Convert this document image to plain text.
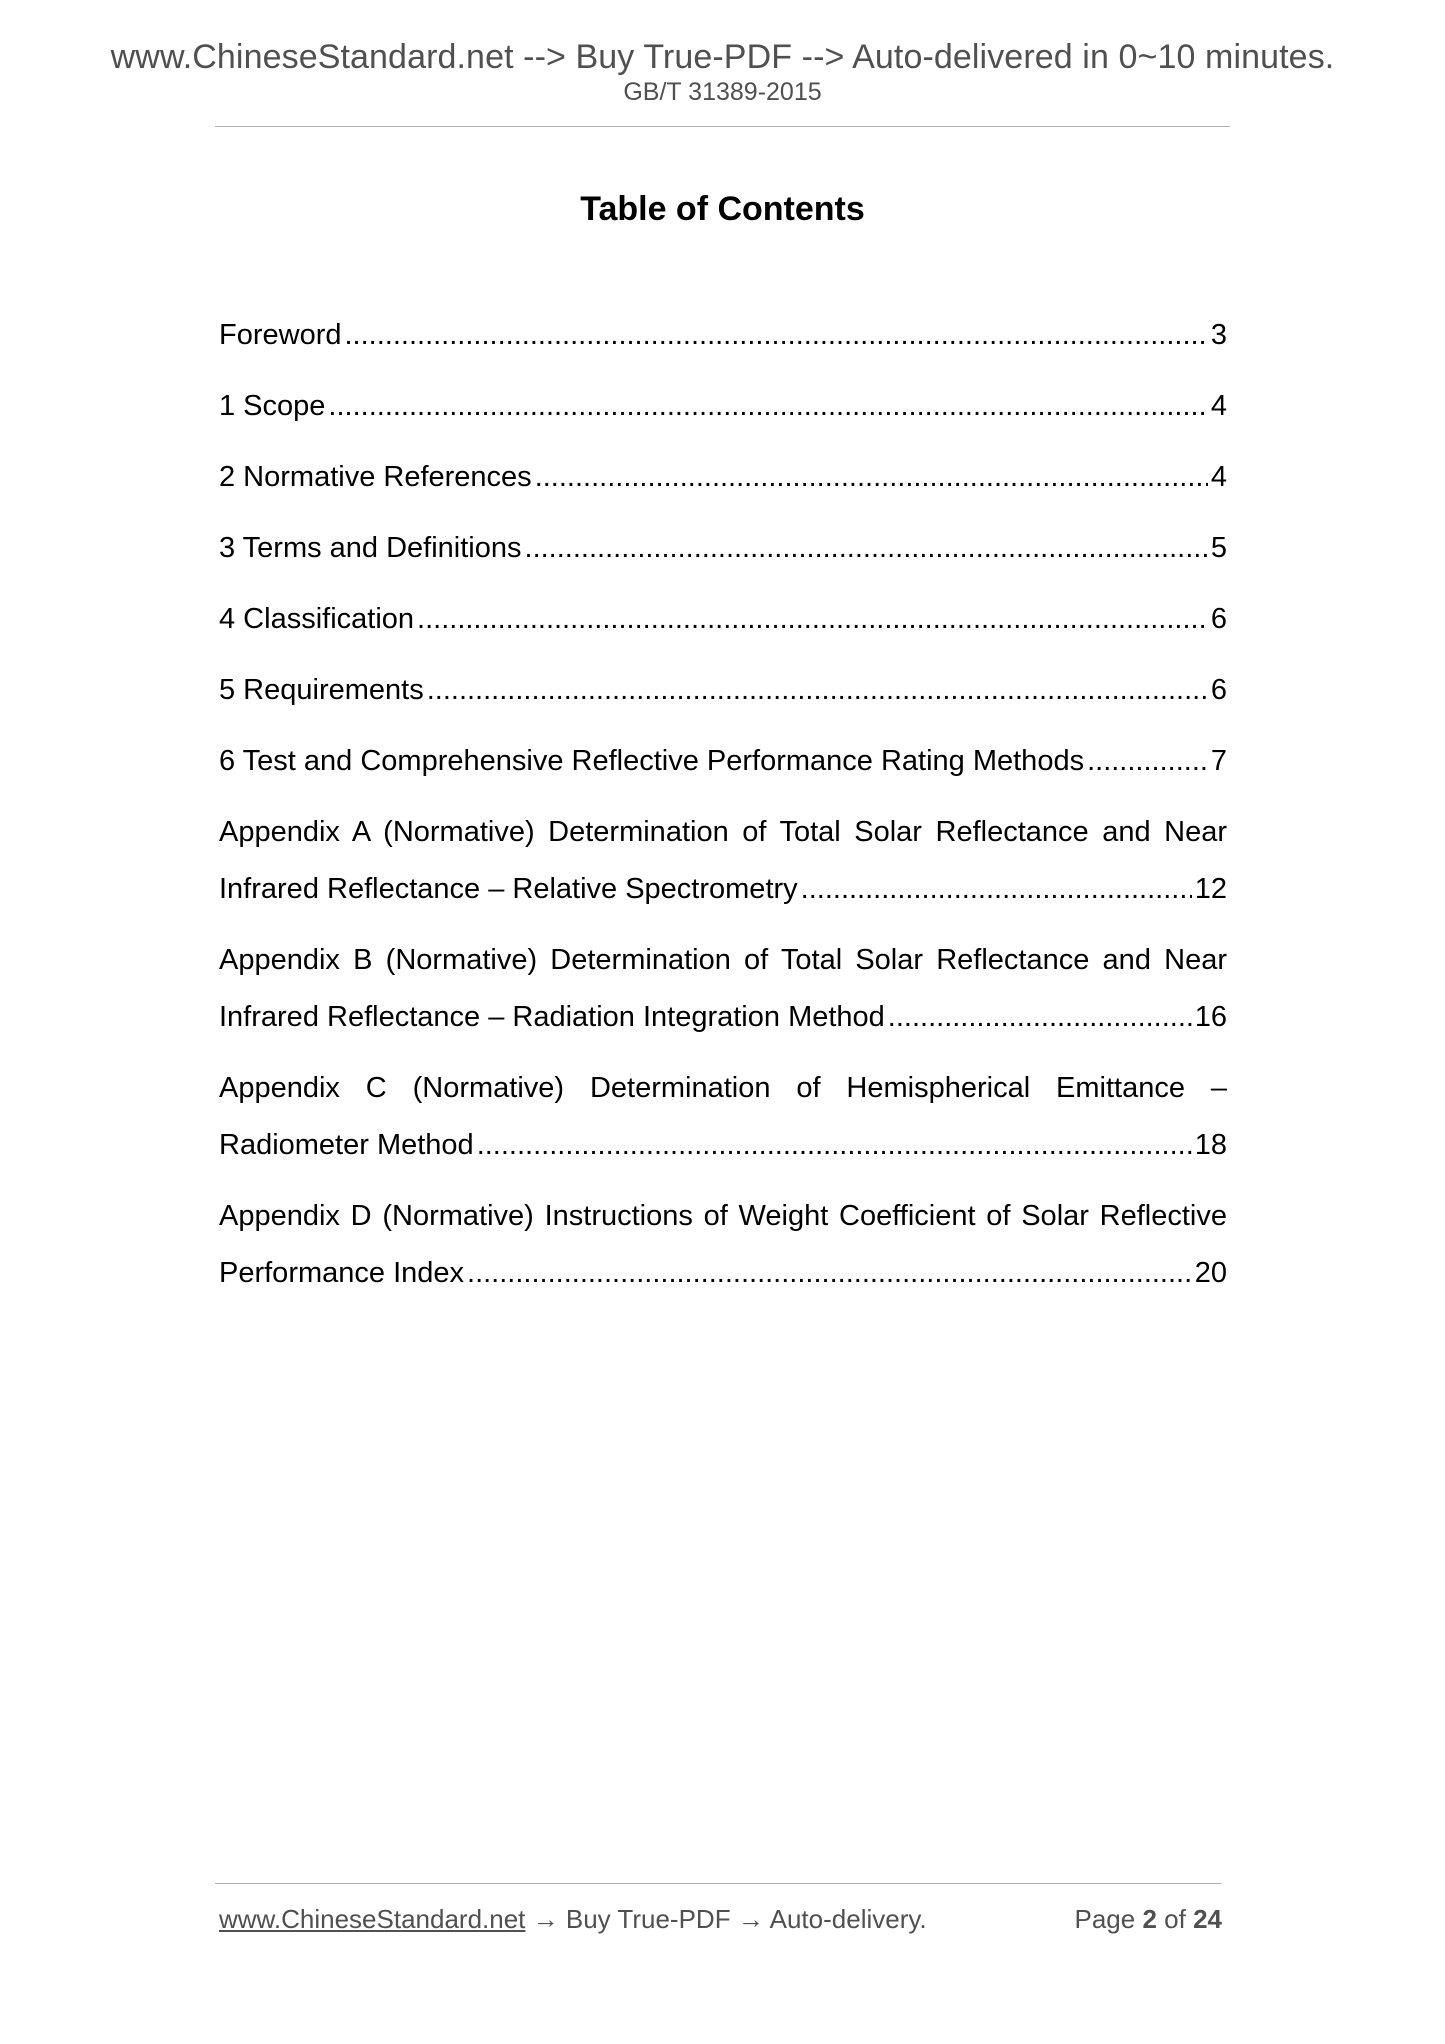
www.ChineseStandard.net --> Buy True-PDF --> Auto-delivered in 0~10 minutes.
GB/T 31389-2015
Table of Contents
Foreword .....	3
1 Scope .....	4
2 Normative References .....	4
3 Terms and Definitions .....	5
4 Classification .....	6
5 Requirements .....	6
6 Test and Comprehensive Reflective Performance Rating Methods .....	7
Appendix A (Normative) Determination of Total Solar Reflectance and Near
Infrared Reflectance – Relative Spectrometry .....	12
Appendix B (Normative) Determination of Total Solar Reflectance and Near
Infrared Reflectance – Radiation Integration Method .....	16
Appendix C (Normative) Determination of Hemispherical Emittance –
Radiometer Method .....	18
Appendix D (Normative) Instructions of Weight Coefficient of Solar Reflective
Performance Index .....	20
www.ChineseStandard.net → Buy True-PDF → Auto-delivery.	Page 2 of 24
